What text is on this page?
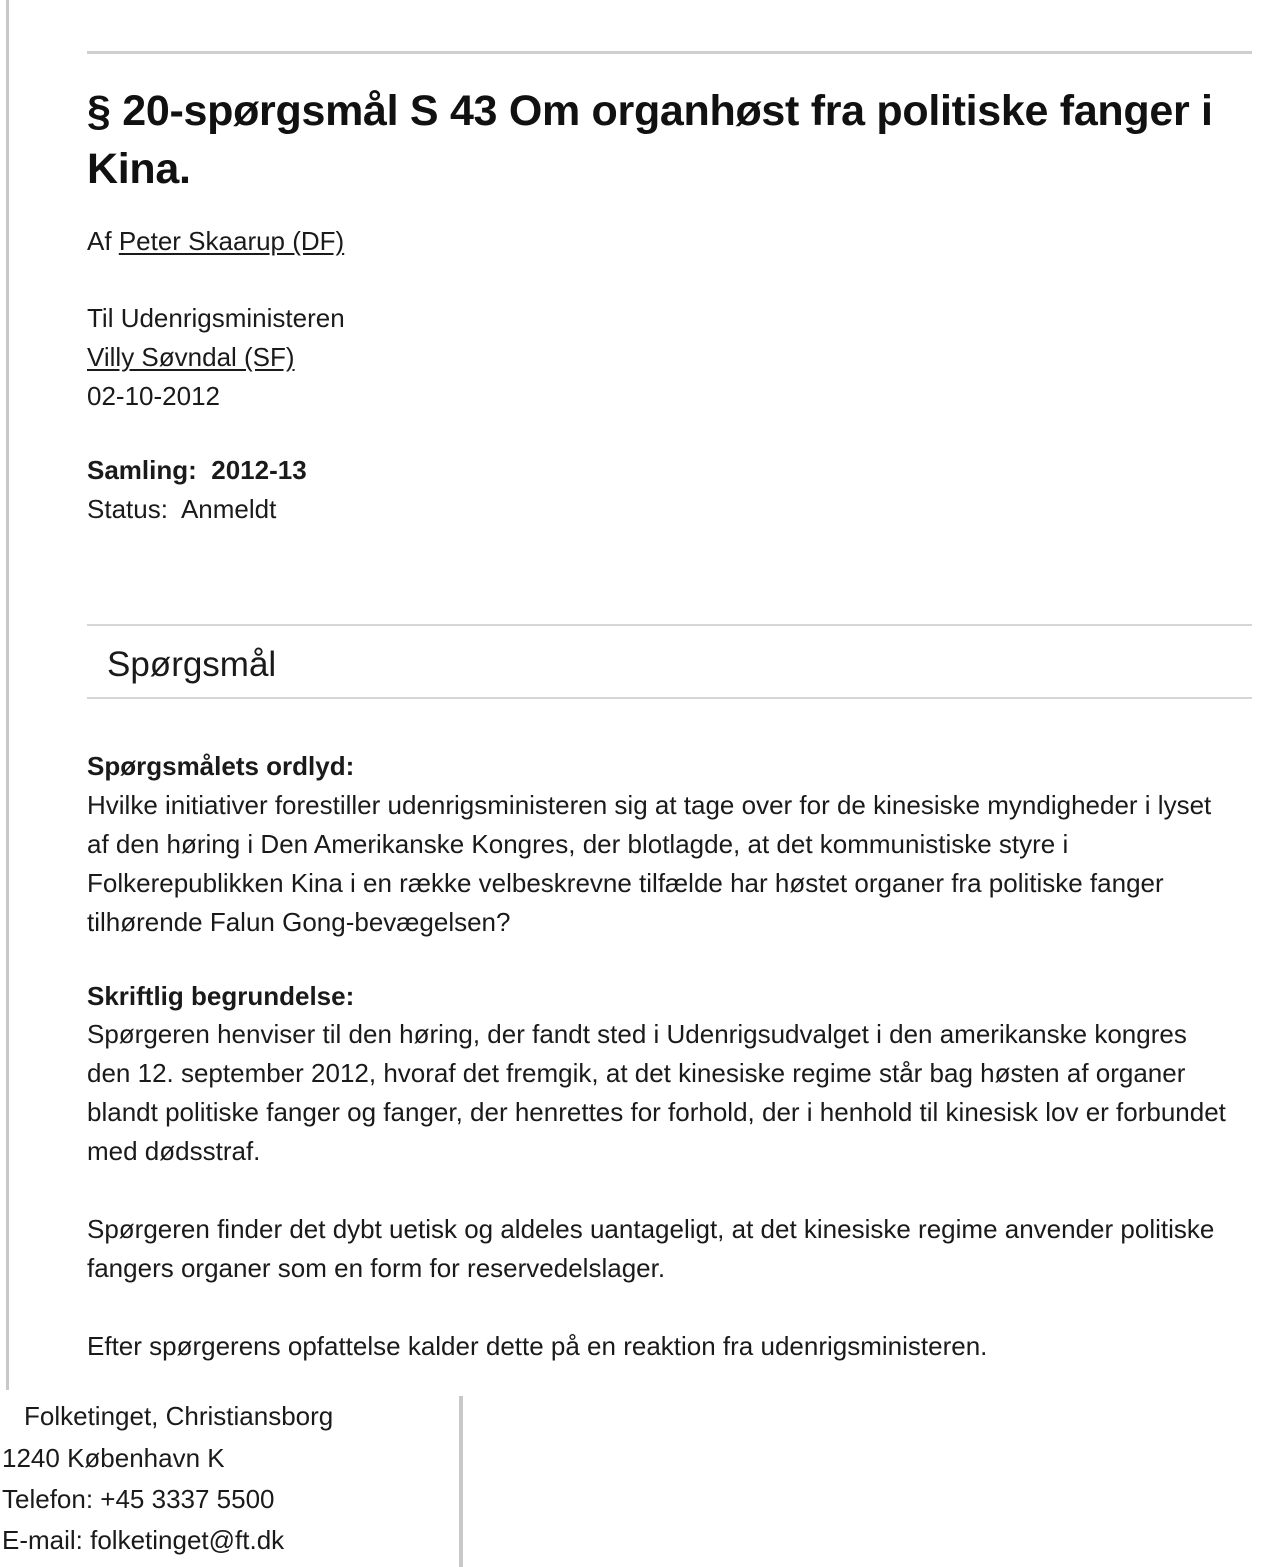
§ 20-spørgsmål S 43 Om organhøst fra politiske fanger i Kina.
Af Peter Skaarup (DF)
Til Udenrigsministeren
Villy Søvndal (SF)
02-10-2012
Samling: 2012-13
Status: Anmeldt
Spørgsmål
Spørgsmålets ordlyd:

Hvilke initiativer forestiller udenrigsministeren sig at tage over for de kinesiske myndigheder i lyset af den høring i Den Amerikanske Kongres, der blotlagde, at det kommunistiske styre i Folkerepublikken Kina i en række velbeskrevne tilfælde har høstet organer fra politiske fanger tilhørende Falun Gong-bevægelsen?

Skriftlig begrundelse:

Spørgeren henviser til den høring, der fandt sted i Udenrigsudvalget i den amerikanske kongres den 12. september 2012, hvoraf det fremgik, at det kinesiske regime står bag høsten af organer blandt politiske fanger og fanger, der henrettes for forhold, der i henhold til kinesisk lov er forbundet med dødsstraf.

Spørgeren finder det dybt uetisk og aldeles uantageligt, at det kinesiske regime anvender politiske fangers organer som en form for reservedelslager.

Efter spørgerens opfattelse kalder dette på en reaktion fra udenrigsministeren.

Folketinget, Christiansborg
1240 København K
Telefon: +45 3337 5500
E-mail: folketinget@ft.dk
